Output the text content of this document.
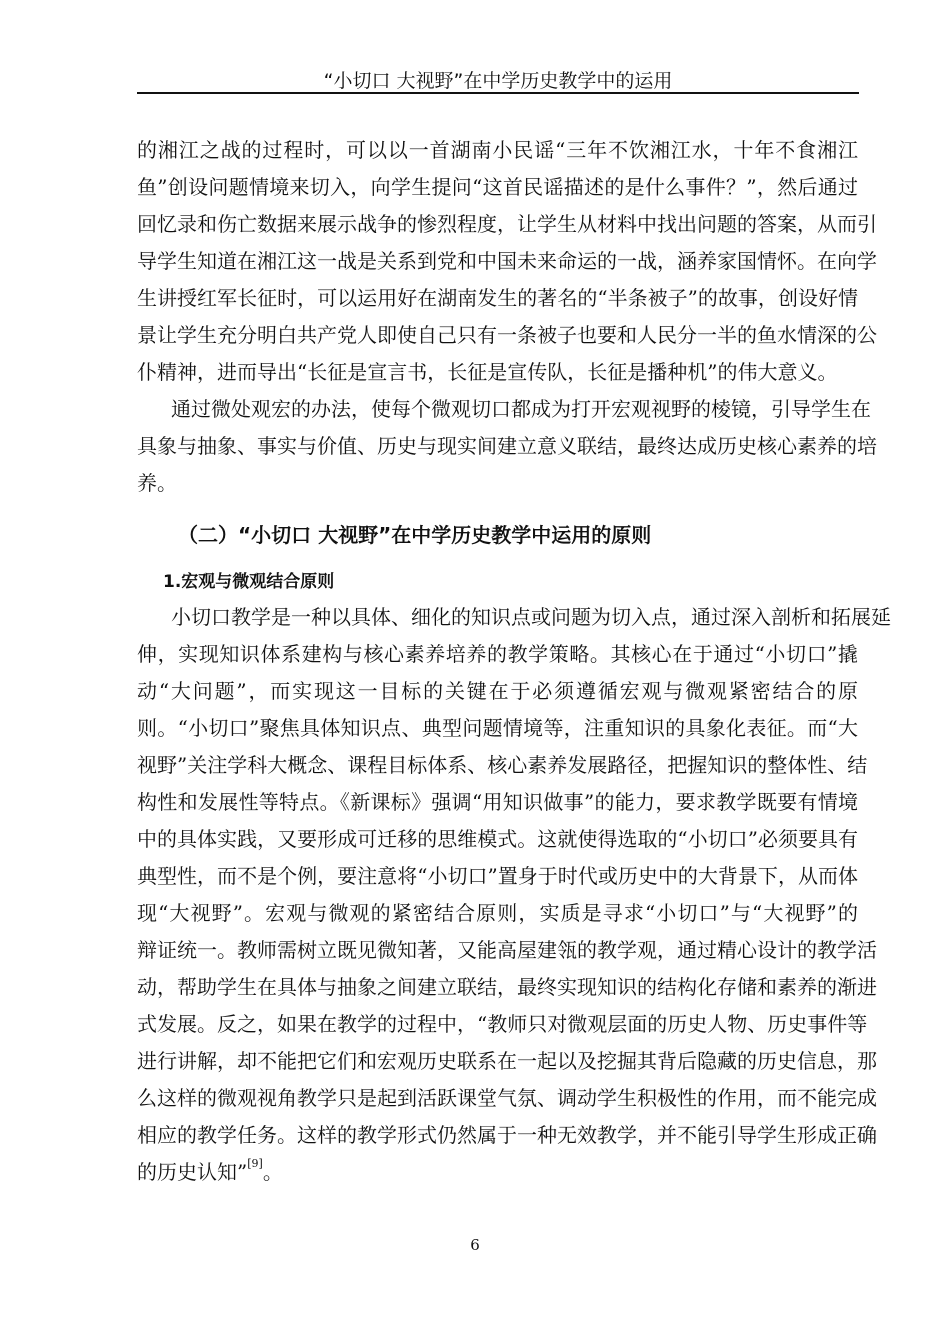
“小切口 大视野”在中学历史教学中的运用
的湘江之战的过程时，可以以一首湖南小民谣“三年不饮湘江水，十年不食湘江
鱼”创设问题情境来切入，向学生提问“这首民谣描述的是什么事件？”，然后通过
回忆录和伤亡数据来展示战争的惨烈程度，让学生从材料中找出问题的答案，从而引
导学生知道在湘江这一战是关系到党和中国未来命运的一战，涵养家国情怀。在向学
生讲授红军长征时，可以运用好在湖南发生的著名的“半条被子”的故事，创设好情
景让学生充分明白共产党人即使自己只有一条被子也要和人民分一半的鱼水情深的公
仆精神，进而导出“长征是宣言书，长征是宣传队，长征是播种机”的伟大意义。
通过微处观宏的办法，使每个微观切口都成为打开宏观视野的棱镜，引导学生在
具象与抽象、事实与价值、历史与现实间建立意义联结，最终达成历史核心素养的培
养。
（二）“小切口 大视野”在中学历史教学中运用的原则
1.宏观与微观结合原则
小切口教学是一种以具体、细化的知识点或问题为切入点，通过深入剖析和拓展延
伸，实现知识体系建构与核心素养培养的教学策略。其核心在于通过“小切口”撬
动“大问题”，而实现这一目标的关键在于必须遵循宏观与微观紧密结合的原
则。“小切口”聚焦具体知识点、典型问题情境等，注重知识的具象化表征。而“大
视野”关注学科大概念、课程目标体系、核心素养发展路径，把握知识的整体性、结
构性和发展性等特点。《新课标》强调“用知识做事”的能力，要求教学既要有情境
中的具体实践，又要形成可迁移的思维模式。这就使得选取的“小切口”必须要具有
典型性，而不是个例，要注意将“小切口”置身于时代或历史中的大背景下，从而体
现“大视野”。宏观与微观的紧密结合原则，实质是寻求“小切口”与“大视野”的
辩证统一。教师需树立既见微知著，又能高屋建瓴的教学观，通过精心设计的教学活
动，帮助学生在具体与抽象之间建立联结，最终实现知识的结构化存储和素养的渐进
式发展。反之，如果在教学的过程中，“教师只对微观层面的历史人物、历史事件等
进行讲解，却不能把它们和宏观历史联系在一起以及挖掘其背后隐藏的历史信息，那
么这样的微观视角教学只是起到活跃课堂气氛、调动学生积极性的作用，而不能完成
相应的教学任务。这样的教学形式仍然属于一种无效教学，并不能引导学生形成正确
的历史认知”[9]。
6
